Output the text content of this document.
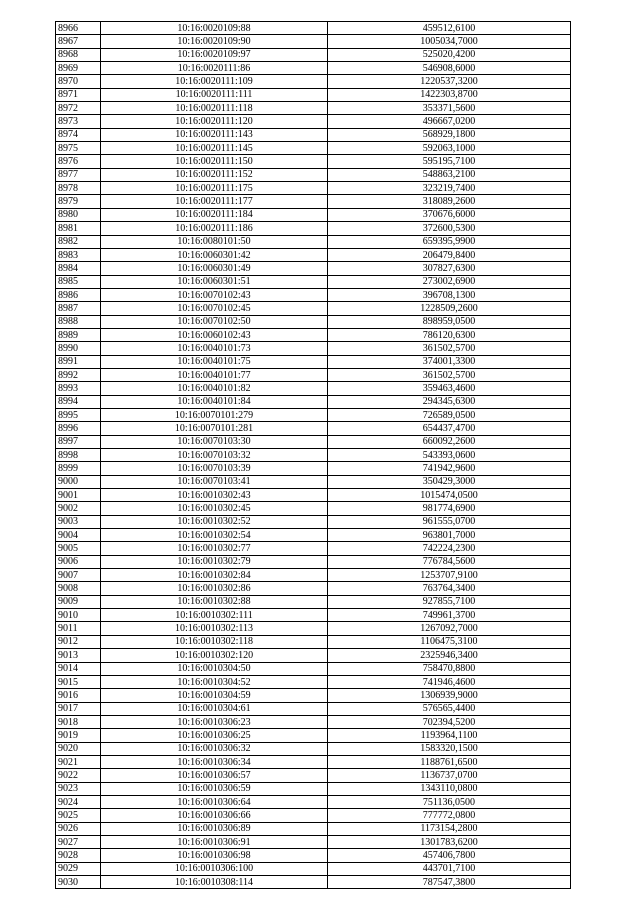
8966	10:16:0020109:88	459512,6100
8967	10:16:0020109:90	1005034,7000
8968	10:16:0020109:97	525020,4200
8969	10:16:0020111:86	546908,6000
8970	10:16:0020111:109	1220537,3200
8971	10:16:0020111:111	1422303,8700
8972	10:16:0020111:118	353371,5600
8973	10:16:0020111:120	496667,0200
8974	10:16:0020111:143	568929,1800
8975	10:16:0020111:145	592063,1000
8976	10:16:0020111:150	595195,7100
8977	10:16:0020111:152	548863,2100
8978	10:16:0020111:175	323219,7400
8979	10:16:0020111:177	318089,2600
8980	10:16:0020111:184	370676,6000
8981	10:16:0020111:186	372600,5300
8982	10:16:0080101:50	659395,9900
8983	10:16:0060301:42	206479,8400
8984	10:16:0060301:49	307827,6300
8985	10:16:0060301:51	273002,6900
8986	10:16:0070102:43	396708,1300
8987	10:16:0070102:45	1228509,2600
8988	10:16:0070102:50	898959,0500
8989	10:16:0060102:43	786120,6300
8990	10:16:0040101:73	361502,5700
8991	10:16:0040101:75	374001,3300
8992	10:16:0040101:77	361502,5700
8993	10:16:0040101:82	359463,4600
8994	10:16:0040101:84	294345,6300
8995	10:16:0070101:279	726589,0500
8996	10:16:0070101:281	654437,4700
8997	10:16:0070103:30	660092,2600
8998	10:16:0070103:32	543393,0600
8999	10:16:0070103:39	741942,9600
9000	10:16:0070103:41	350429,3000
9001	10:16:0010302:43	1015474,0500
9002	10:16:0010302:45	981774,6900
9003	10:16:0010302:52	961555,0700
9004	10:16:0010302:54	963801,7000
9005	10:16:0010302:77	742224,2300
9006	10:16:0010302:79	776784,5600
9007	10:16:0010302:84	1253707,9100
9008	10:16:0010302:86	763764,3400
9009	10:16:0010302:88	927855,7100
9010	10:16:0010302:111	749961,3700
9011	10:16:0010302:113	1267092,7000
9012	10:16:0010302:118	1106475,3100
9013	10:16:0010302:120	2325946,3400
9014	10:16:0010304:50	758470,8800
9015	10:16:0010304:52	741946,4600
9016	10:16:0010304:59	1306939,9000
9017	10:16:0010304:61	576565,4400
9018	10:16:0010306:23	702394,5200
9019	10:16:0010306:25	1193964,1100
9020	10:16:0010306:32	1583320,1500
9021	10:16:0010306:34	1188761,6500
9022	10:16:0010306:57	1136737,0700
9023	10:16:0010306:59	1343110,0800
9024	10:16:0010306:64	751136,0500
9025	10:16:0010306:66	777772,0800
9026	10:16:0010306:89	1173154,2800
9027	10:16:0010306:91	1301783,6200
9028	10:16:0010306:98	457406,7800
9029	10:16:0010306:100	443701,7100
9030	10:16:0010308:114	787547,3800
